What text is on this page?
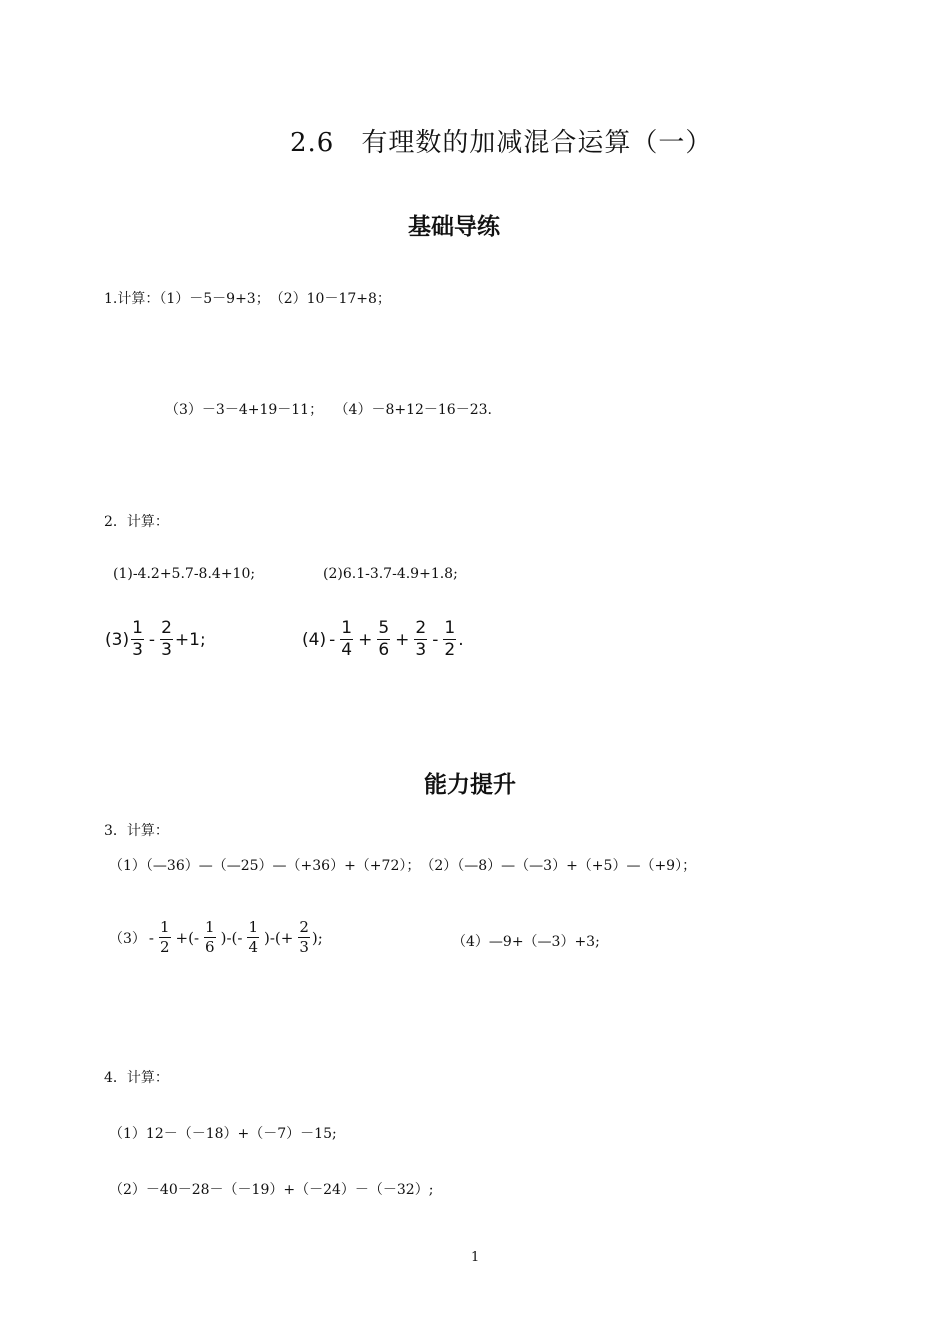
2.6　有理数的加减混合运算（一）
基础导练
1.计算：（1）－5－9+3；　（2）10－17+8；
（3）－3－4+19－11；　 （4）－8+12－16－23.
2．计算：
(1)-4.2+5.7-8.4+10;	(2)6.1-3.7-4.9+1.8;
$(3) \frac{1}{3} - \frac{2}{3} +1$;	$(4) - \frac{1}{4} + \frac{5}{6} + \frac{2}{3} - \frac{1}{2}$ .
能力提升
3．计算：
（1）（—36）—（—25）—（+36）+（+72）；　（2）（—8）—（—3）+（+5）—（+9）；
$(3) - \frac{1}{2}$ +(- $\frac{1}{6}$ )-(- $\frac{1}{4}$ )-(+ $\frac{2}{3}$ );	（4）—9+（—3）+3;
4．计算：
（1）12－（－18）+（－7）－15;
（2）－40－28－（－19）+（－24）－（－32）;
1
